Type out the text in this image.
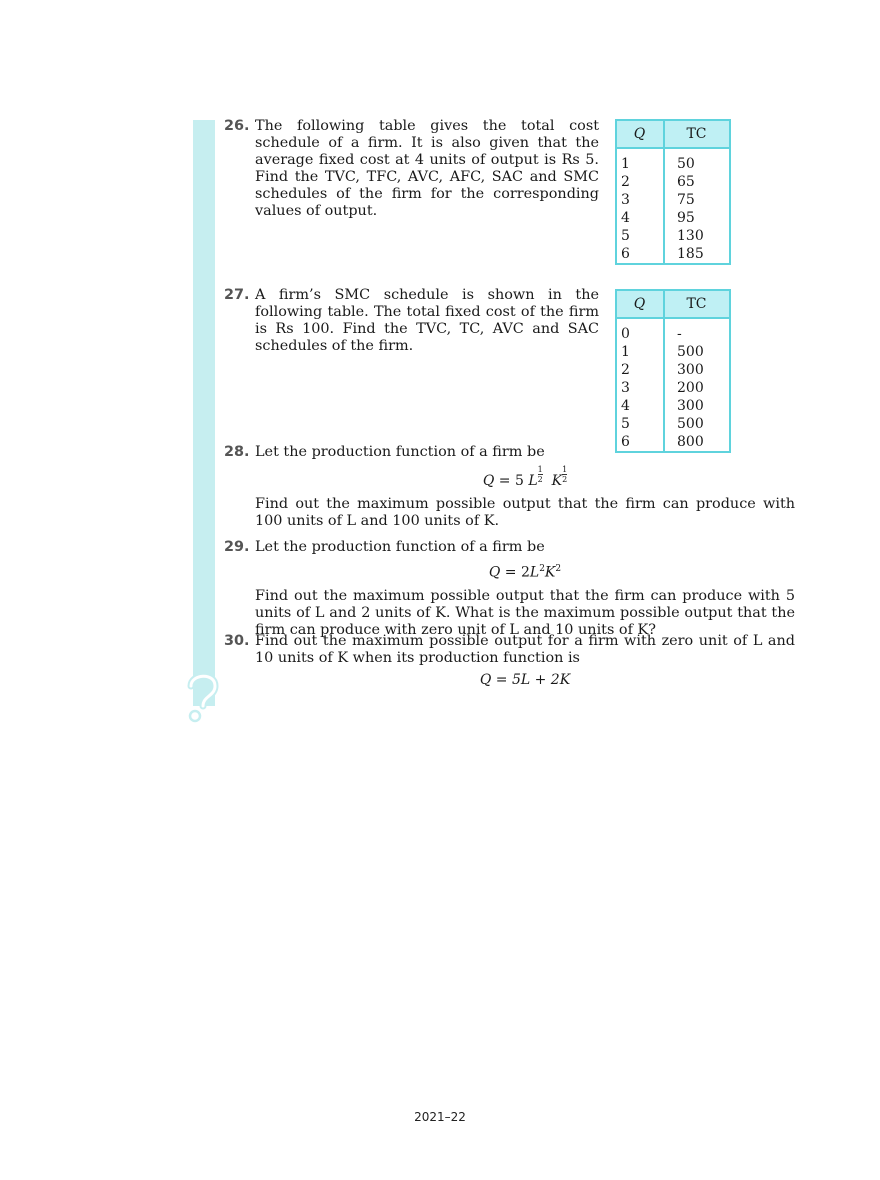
26. The following table gives the total cost schedule of a firm. It is also given that the average fixed cost at 4 units of output is Rs 5. Find the TVC, TFC, AVC, AFC, SAC and SMC schedules of the firm for the corresponding values of output.
Q	TC
1	50
2	65
3	75
4	95
5	130
6	185
27. A firm’s SMC schedule is shown in the following table. The total fixed cost of the firm is Rs 100. Find the TVC, TC, AVC and SAC schedules of the firm.
Q	TC
0	-
1	500
2	300
3	200
4	300
5	500
6	800
28. Let the production function of a firm be
Q = 5 L $\frac{1}{2}$ K $\frac{1}{2}$
Find out the maximum possible output that the firm can produce with 100 units of L and 100 units of K.
29. Let the production function of a firm be
$Q = 2L^2K^2$
Find out the maximum possible output that the firm can produce with 5 units of L and 2 units of K. What is the maximum possible output that the firm can produce with zero unit of L and 10 units of K?
30. Find out the maximum possible output for a firm with zero unit of L and 10 units of K when its production function is
Q = 5L + 2K
2021–22
